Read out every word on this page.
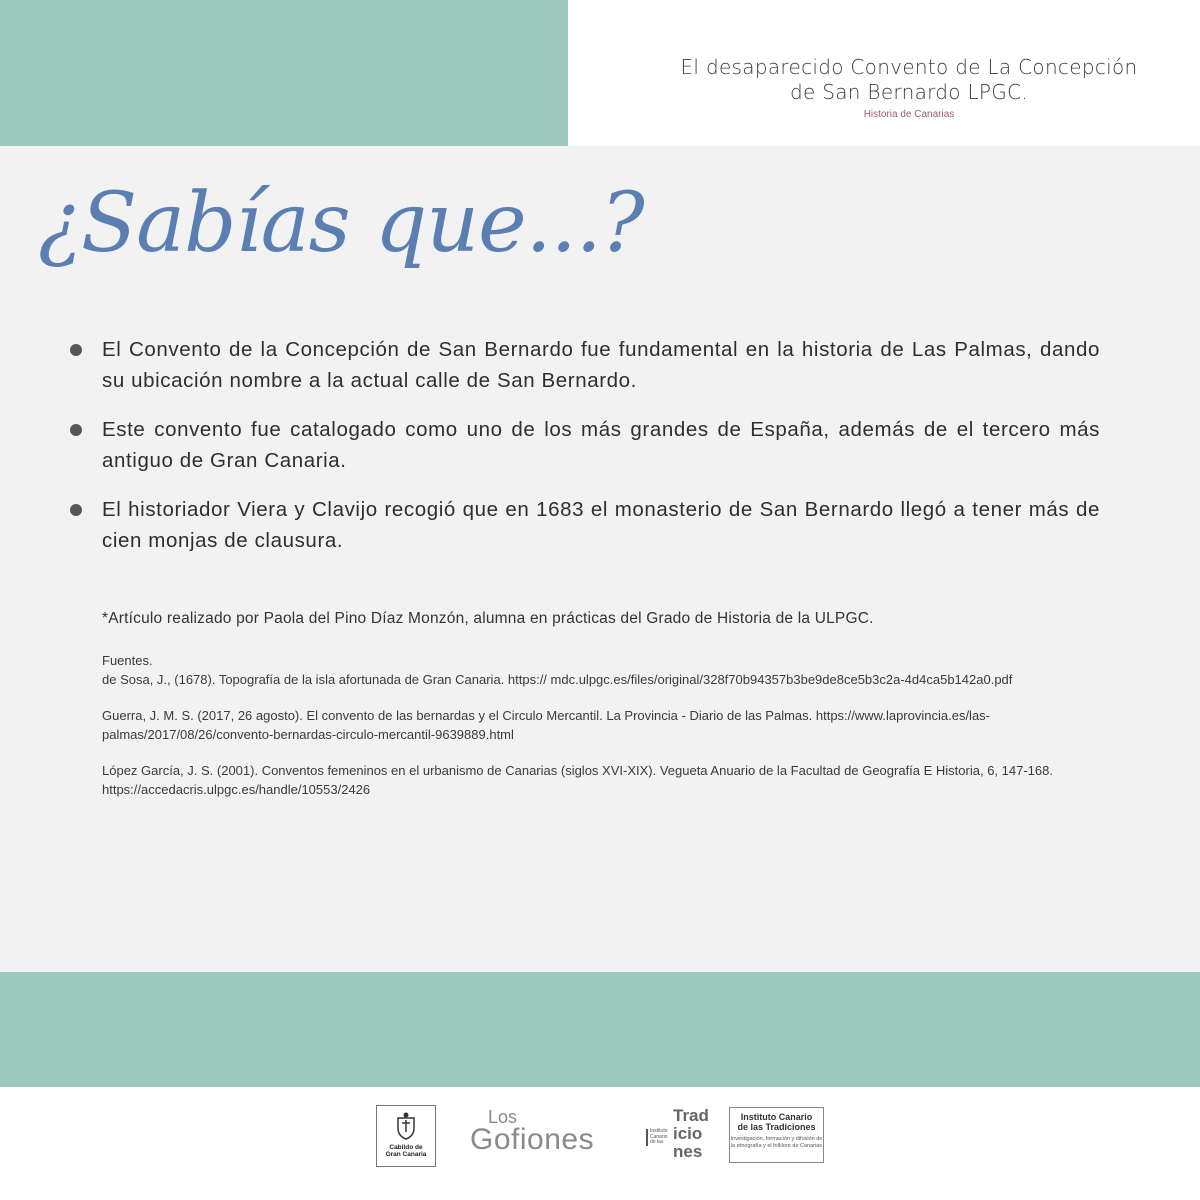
El desaparecido Convento de La Concepción
de San Bernardo LPGC.
Historia de Canarias
¿Sabías que...?
El Convento de la Concepción de San Bernardo fue fundamental en la historia de Las Palmas, dando su ubicación nombre a la actual calle de San Bernardo.
Este convento fue catalogado como uno de los más grandes de España, además de el tercero más antiguo de Gran Canaria.
El historiador Viera y Clavijo recogió que en 1683 el monasterio de San Bernardo llegó a tener más de cien monjas de clausura.
*Artículo realizado por Paola del Pino Díaz Monzón, alumna en prácticas del Grado de Historia de la ULPGC.

Fuentes.

de Sosa, J., (1678). Topografía de la isla afortunada de Gran Canaria. https:// mdc.ulpgc.es/files/original/328f70b94357b3be9de8ce5b3c2a-4d4ca5b142a0.pdf

Guerra, J. M. S. (2017, 26 agosto). El convento de las bernardas y el Circulo Mercantil. La Provincia - Diario de las Palmas. https://www.laprovincia.es/las- palmas/2017/08/26/convento-bernardas-circulo-mercantil-9639889.html

López García, J. S. (2001). Conventos femeninos en el urbanismo de Canarias (siglos XVI-XIX). Vegueta Anuario de la Facultad de Geografía E Historia, 6, 147-168. https://accedacris.ulpgc.es/handle/10553/2426

Cabildo de
Gran Canaria
Los
Gofiones	Instituto Canario de las
Trad
icio
nes
Instituto Canario
de las Tradiciones
Investigación, formación y difusión de la etnografía y el folklore de Canarias
